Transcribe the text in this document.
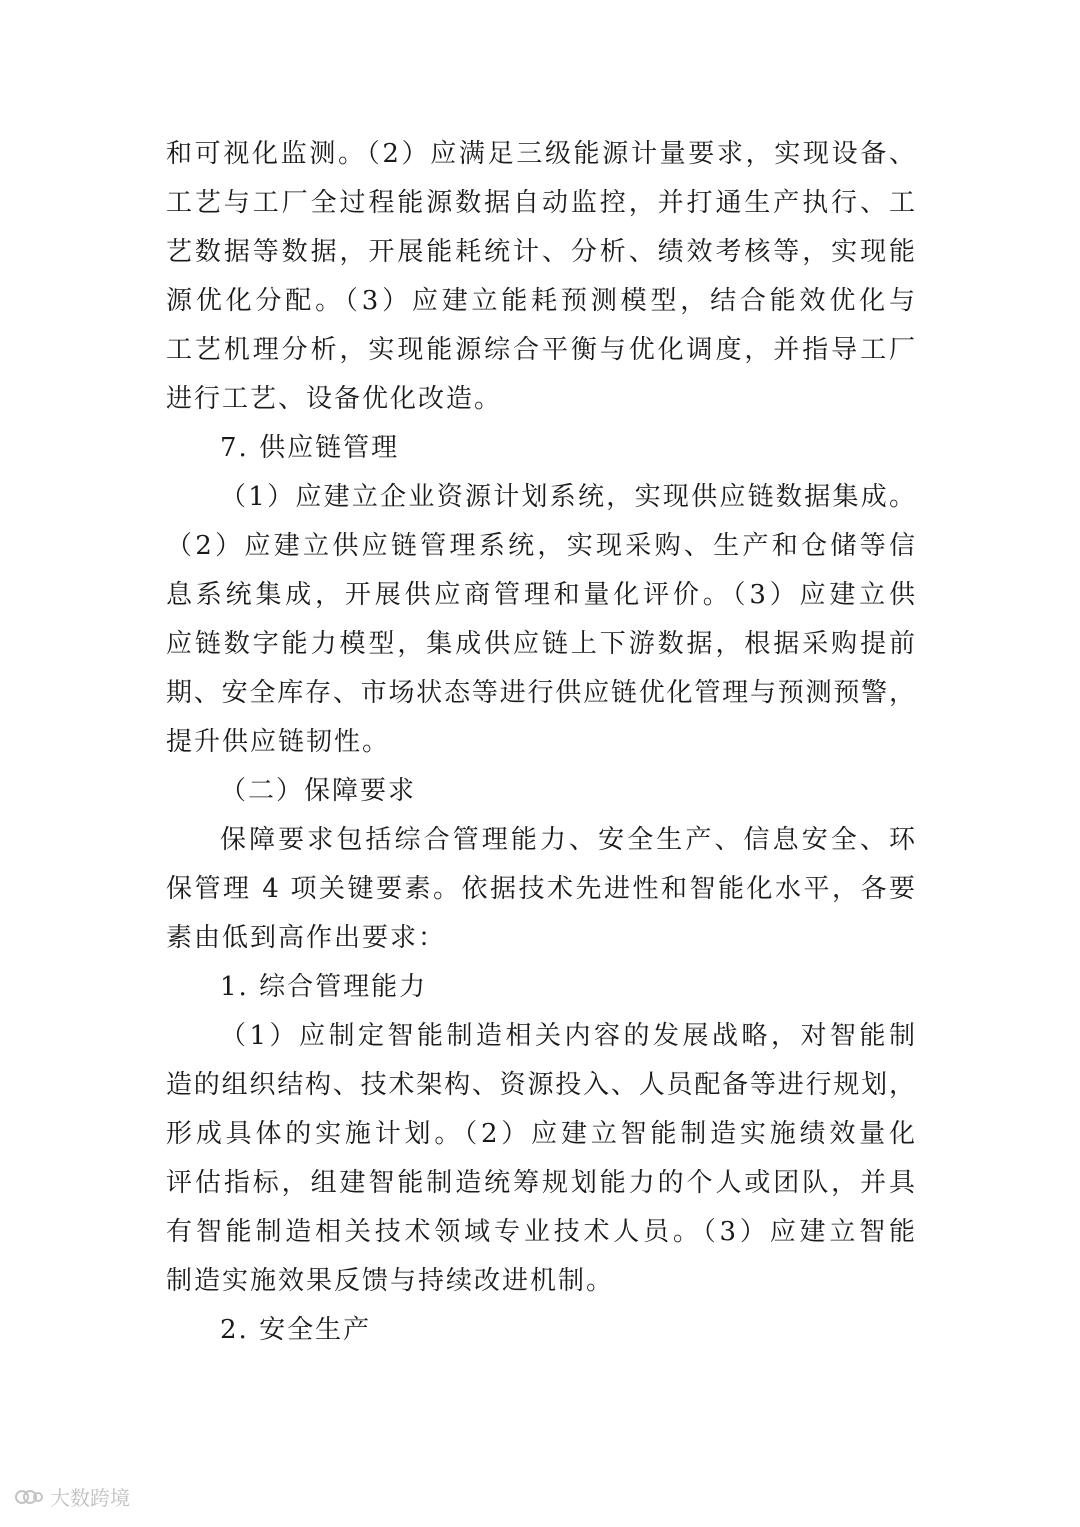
和可视化监测。（2）应满足三级能源计量要求，实现设备、
工艺与工厂全过程能源数据自动监控，并打通生产执行、工
艺数据等数据，开展能耗统计、分析、绩效考核等，实现能
源优化分配。（3）应建立能耗预测模型，结合能效优化与
工艺机理分析，实现能源综合平衡与优化调度，并指导工厂
进行工艺、设备优化改造。
7. 供应链管理
（1）应建立企业资源计划系统，实现供应链数据集成。
（2）应建立供应链管理系统，实现采购、生产和仓储等信
息系统集成，开展供应商管理和量化评价。（3）应建立供
应链数字能力模型，集成供应链上下游数据，根据采购提前
期、安全库存、市场状态等进行供应链优化管理与预测预警，
提升供应链韧性。
（二）保障要求
保障要求包括综合管理能力、安全生产、信息安全、环
保管理 4 项关键要素。依据技术先进性和智能化水平，各要
素由低到高作出要求：
1. 综合管理能力
（1）应制定智能制造相关内容的发展战略，对智能制
造的组织结构、技术架构、资源投入、人员配备等进行规划，
形成具体的实施计划。（2）应建立智能制造实施绩效量化
评估指标，组建智能制造统筹规划能力的个人或团队，并具
有智能制造相关技术领域专业技术人员。（3）应建立智能
制造实施效果反馈与持续改进机制。
2. 安全生产
大数跨境
